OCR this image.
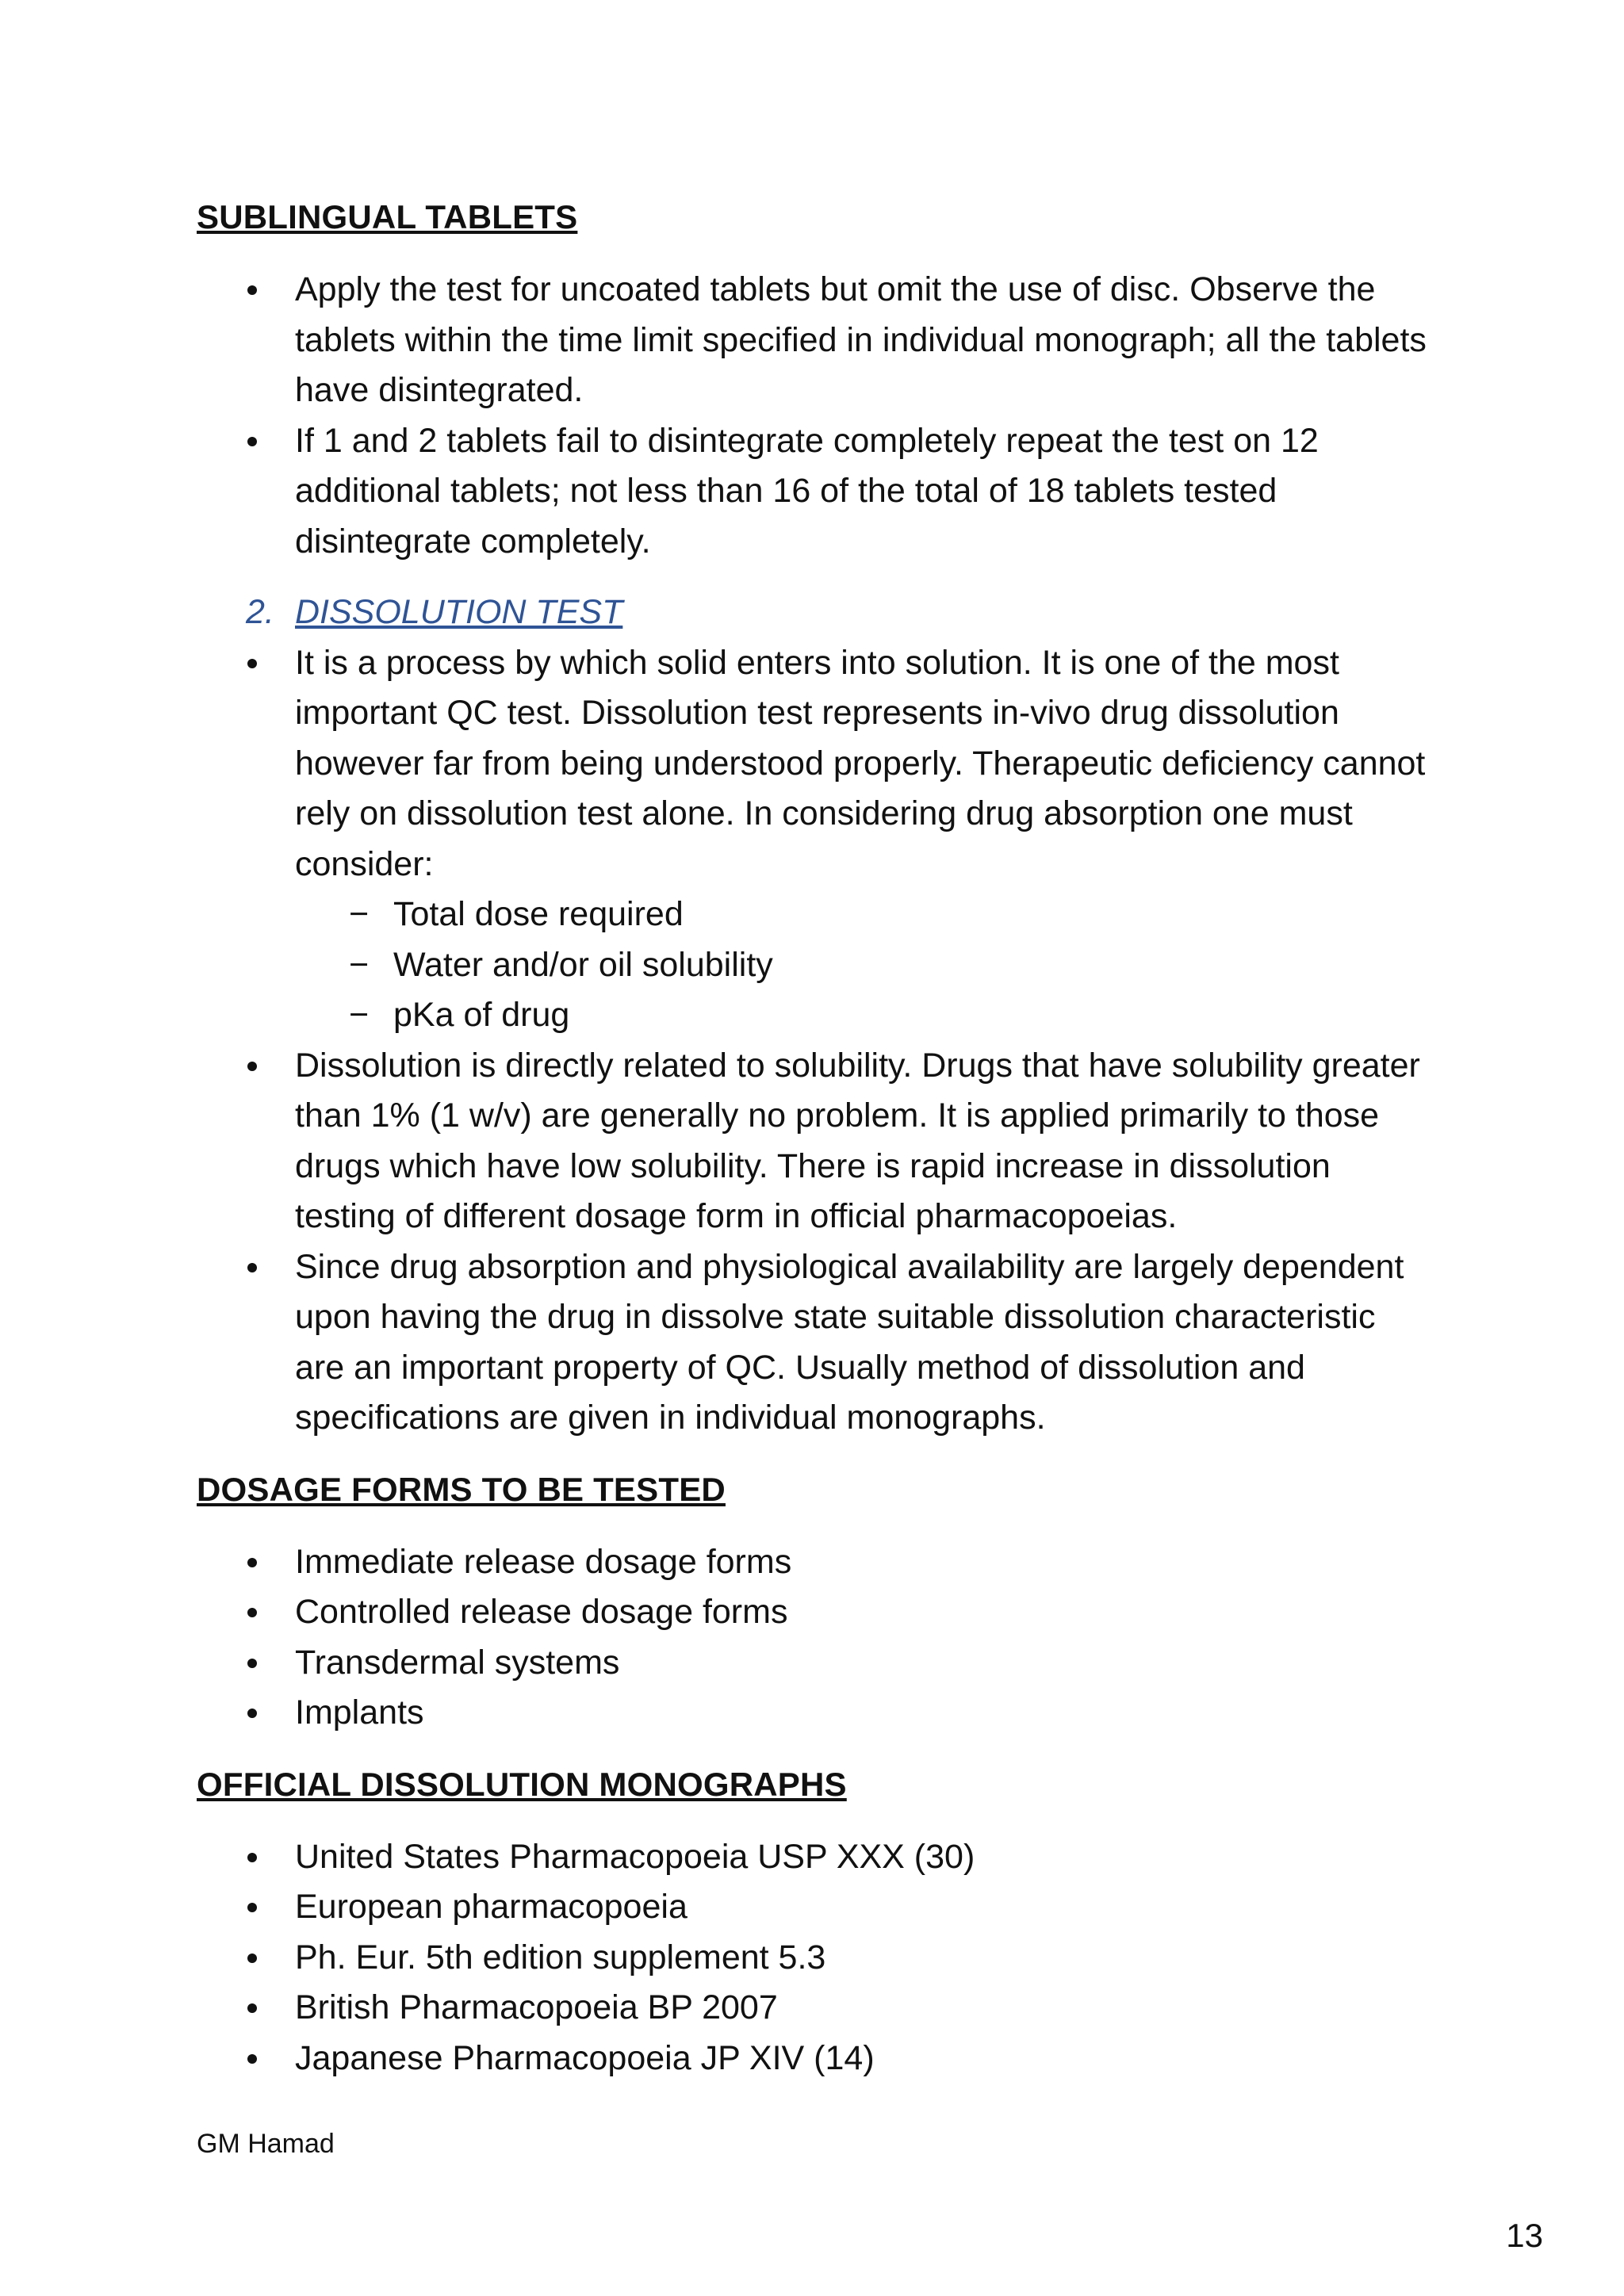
SUBLINGUAL TABLETS
Apply the test for uncoated tablets but omit the use of disc. Observe the tablets within the time limit specified in individual monograph; all the tablets have disintegrated.
If 1 and 2 tablets fail to disintegrate completely repeat the test on 12 additional tablets; not less than 16 of the total of 18 tablets tested disintegrate completely.
2. DISSOLUTION TEST
It is a process by which solid enters into solution. It is one of the most important QC test. Dissolution test represents in-vivo drug dissolution however far from being understood properly. Therapeutic deficiency cannot rely on dissolution test alone. In considering drug absorption one must consider:
− Total dose required
− Water and/or oil solubility
− pKa of drug
Dissolution is directly related to solubility. Drugs that have solubility greater than 1% (1 w/v) are generally no problem. It is applied primarily to those drugs which have low solubility. There is rapid increase in dissolution testing of different dosage form in official pharmacopoeias.
Since drug absorption and physiological availability are largely dependent upon having the drug in dissolve state suitable dissolution characteristic are an important property of QC. Usually method of dissolution and specifications are given in individual monographs.
DOSAGE FORMS TO BE TESTED
Immediate release dosage forms
Controlled release dosage forms
Transdermal systems
Implants
OFFICIAL DISSOLUTION MONOGRAPHS
United States Pharmacopoeia USP XXX (30)
European pharmacopoeia
Ph. Eur. 5th edition supplement 5.3
British Pharmacopoeia BP 2007
Japanese Pharmacopoeia JP XIV (14)
GM Hamad
13
